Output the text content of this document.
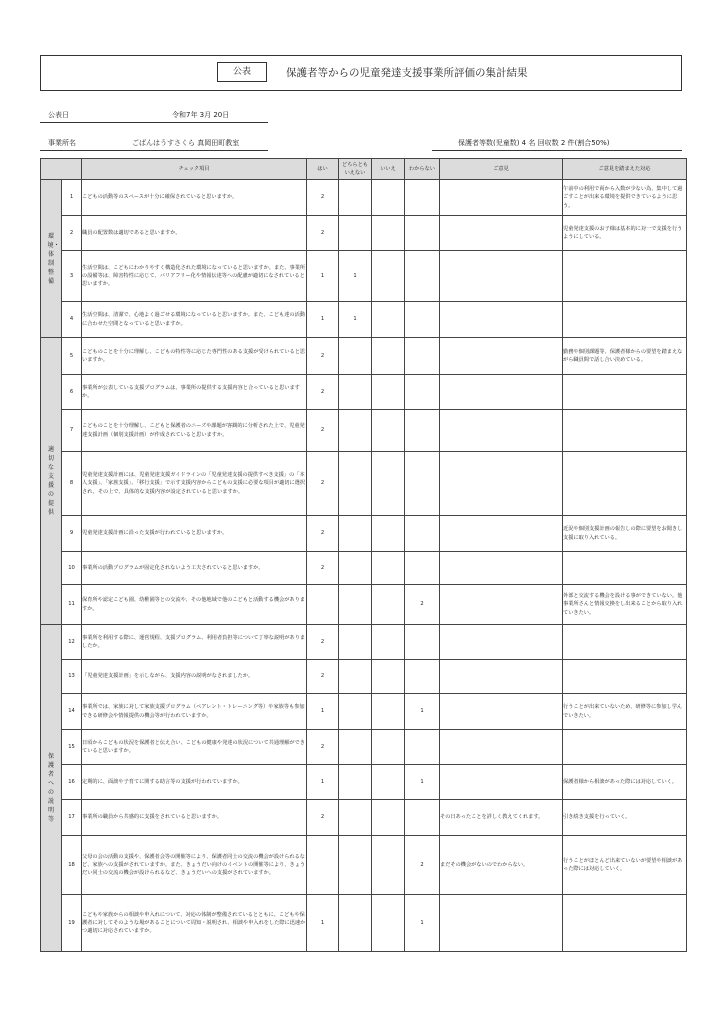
公表	保護者等からの児童発達支援事業所評価の集計結果
公表日	令和7年 3月 20日
事業所名	ごばんはうすさくら 真岡田町教室	保護者等数(児童数) 4 名 回収数 2 件(割合50%)
		チェック項目	はい	どちらとも
いえない	いいえ	わからない	ご意見	ご意見を踏まえた対応

環境・体制整備	1	こどもの活動等のスペースが十分に確保されていると思いますか。	2					午前中の利用で両から入数が少ない為、集中して過ごすことが出来る環境を提供できているように思う。
	2	職員の配置数は適切であると思いますか。	2					児童発達支援のお子様は基本的に対一で支援を行うようにしている。
	3	生活空間は、こどもにわかりやすく構造化された環境になっていると思いますか。また、事業所の設備等は、障害特性に応じて、バリアフリー化や情報伝達等への配慮が適切になされていると思いますか。	1	1				
	4	生活空間は、清潔で、心地よく過ごせる環境になっていると思いますか。また、こども達の活動に合わせた空間となっていると思いますか。	1	1				

適切な支援の提供	5	こどものことを十分に理解し、こどもの特性等に応じた専門性のある支援が受けられていると思いますか。	2					勤務や個別課題等、保護者様からの要望を踏まえながら職員間で話し合い決めている。
	6	事業所が公表している支援プログラムは、事業所の提供する支援内容と合っていると思いますか。	2					
	7	こどものことを十分理解し、こどもと保護者のニーズや課題が客観的に分析された上で、児童発達支援計画（個別支援計画）が作成されていると思いますか。	2					
	8	児童発達支援計画には、児童発達支援ガイドラインの「児童発達支援の提供すべき支援」の「本人支援」、「家族支援」、「移行支援」で示す支援内容からこどもの支援に必要な項目が適切に選択され、その上で、具体的な支援内容が設定されていると思いますか。	2					
	9	児童発達支援計画に沿った支援が行われていると思いますか。	2					近況や個別支援計画の報告しの際に要望をお聞きし支援に取り入れている。
	10	事業所の活動プログラムが固定化されないよう工夫されていると思いますか。	2					
	11	保育所や認定こども園、幼稚園等との交流や、その他地域で他のこどもと活動する機会がありますか。				2		外部と交流する機会を設ける事ができていない。他事業所さんと情報交換をし出来ることから取り入れていきたい。

保護者への説明等	12	事業所を利用する際に、運営規程、支援プログラム、利用者負担等について丁寧な説明がありましたか。	2					
	13	「児童発達支援計画」を示しながら、支援内容の説明がなされましたか。	2					
	14	事業所では、家族に対して家族支援プログラム（ペアレント・トレーニング等）や家族等も参加できる研修会や情報提供の機会等が行われていますか。	1			1		行うことが出来ていないため、研修等に参加し学んでいきたい。
	15	日頃からこどもの状況を保護者と伝え合い、こどもの健康や発達の状況について共通理解ができていると思いますか。	2					
	16	定期的に、面談や子育てに関する助言等の支援が行われていますか。	1			1		保護者様から相談があった際には対応していく。
	17	事業所の職員から共感的に支援をされていると思いますか。	2				その日あったことを詳しく教えてくれます。	引き続き支援を行っていく。
	18	父母の会の活動の支援や、保護者会等の開催等により、保護者同士の交流の機会が設けられるなど、家族への支援がされていますか。また、きょうだい向けのイベントの開催等により、きょうだい同士の交流の機会が設けられるなど、きょうだいへの支援がされていますか。				2	まだその機会がないのでわからない。	行うことがほとんど出来ていないが要望や相談があった際には対応していく。
	19	こどもや家族からの相談や申入れについて、対応の体制が整備されているとともに、こどもや保護者に対してそのような場があることについて周知・説明され、相談や申入れをした際に迅速かつ適切に対応されていますか。	1			1		
